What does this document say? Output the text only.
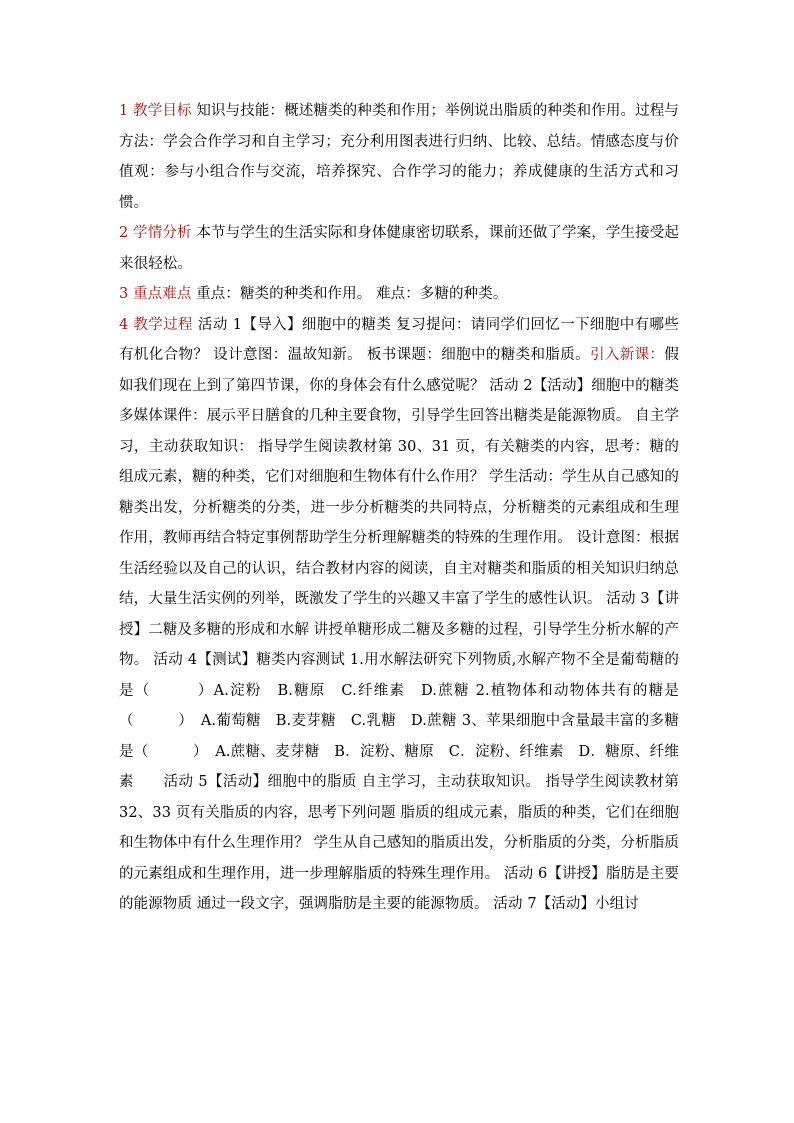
1 教学目标 知识与技能：概述糖类的种类和作用；举例说出脂质的种类和作用。过程与方法：学会合作学习和自主学习；充分利用图表进行归纳、比较、总结。情感态度与价值观：参与小组合作与交流，培养探究、合作学习的能力；养成健康的生活方式和习惯。

2 学情分析 本节与学生的生活实际和身体健康密切联系，课前还做了学案，学生接受起来很轻松。

3 重点难点 重点：糖类的种类和作用。 难点：多糖的种类。

4 教学过程 活动 1【导入】细胞中的糖类 复习提问：请同学们回忆一下细胞中有哪些有机化合物？ 设计意图：温故知新。 板书课题：细胞中的糖类和脂质。引入新课：假如我们现在上到了第四节课，你的身体会有什么感觉呢？ 活动 2【活动】细胞中的糖类 多媒体课件：展示平日膳食的几种主要食物，引导学生回答出糖类是能源物质。 自主学习，主动获取知识： 指导学生阅读教材第 30、31 页，有关糖类的内容，思考：糖的组成元素，糖的种类，它们对细胞和生物体有什么作用？ 学生活动：学生从自己感知的糖类出发，分析糖类的分类，进一步分析糖类的共同特点，分析糖类的元素组成和生理作用，教师再结合特定事例帮助学生分析理解糖类的特殊的生理作用。 设计意图：根据生活经验以及自己的认识，结合教材内容的阅读，自主对糖类和脂质的相关知识归纳总结，大量生活实例的列举，既激发了学生的兴趣又丰富了学生的感性认识。 活动 3【讲授】二糖及多糖的形成和水解 讲授单糖形成二糖及多糖的过程，引导学生分析水解的产物。 活动 4【测试】糖类内容测试 1.用水解法研究下列物质,水解产物不全是葡萄糖的是（　　　）A.淀粉　B.糖原　C.纤维素　D.蔗糖 2.植物体和动物体共有的糖是（　　　）　A.葡萄糖　B.麦芽糖　C.乳糖　D.蔗糖 3、苹果细胞中含量最丰富的多糖是（　　　）　A.蔗糖、麦芽糖　B．淀粉、糖原　C．淀粉、纤维素　D．糖原、纤维素　　活动 5【活动】细胞中的脂质 自主学习，主动获取知识。 指导学生阅读教材第 32、33 页有关脂质的内容，思考下列问题 脂质的组成元素，脂质的种类，它们在细胞和生物体中有什么生理作用？ 学生从自己感知的脂质出发，分析脂质的分类，分析脂质的元素组成和生理作用，进一步理解脂质的特殊生理作用。 活动 6【讲授】脂肪是主要的能源物质 通过一段文字，强调脂肪是主要的能源物质。 活动 7【活动】小组讨
